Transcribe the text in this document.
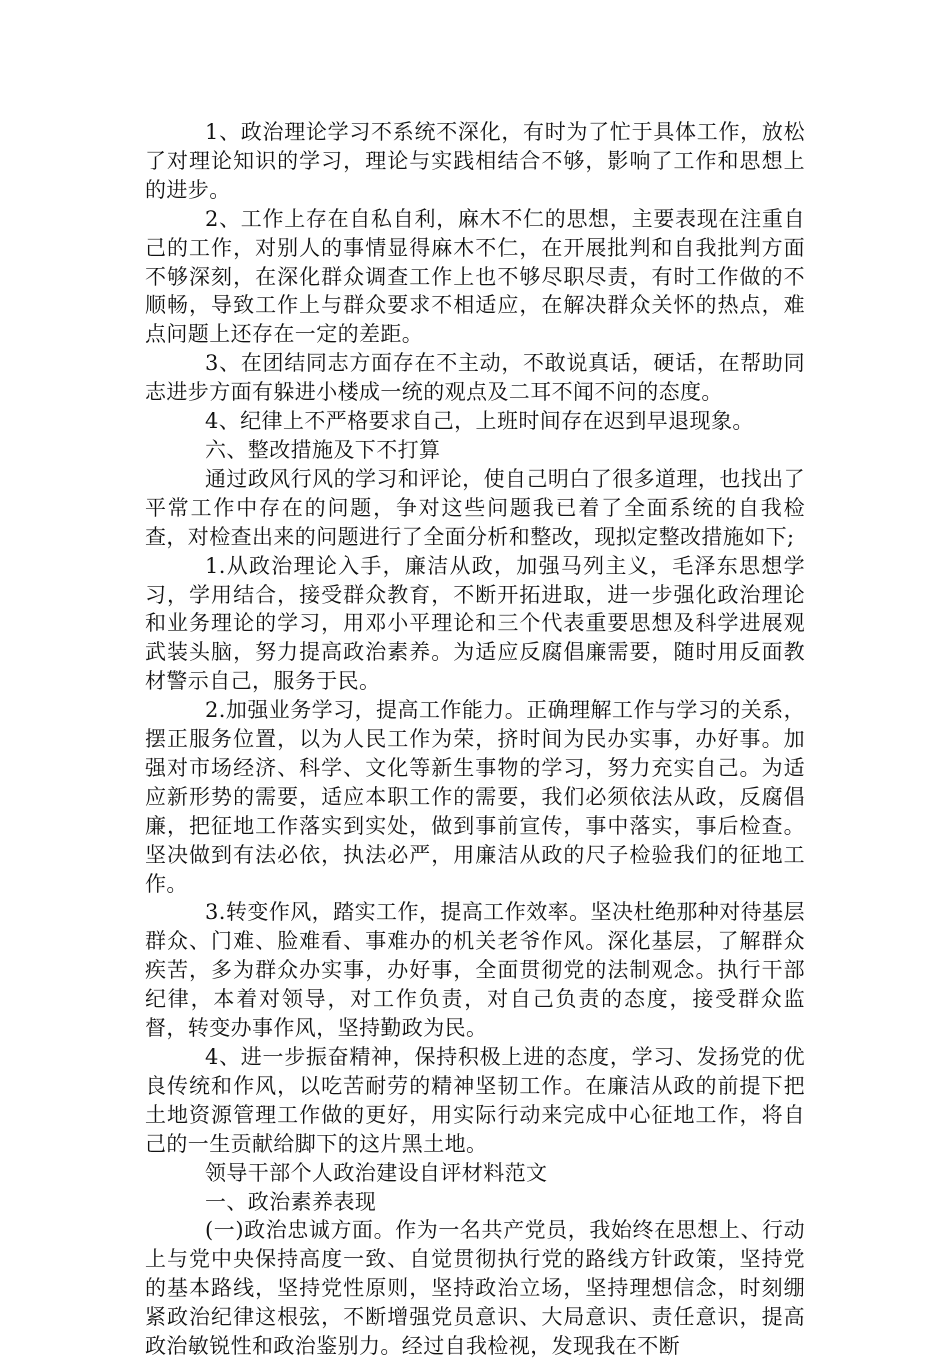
1、政治理论学习不系统不深化，有时为了忙于具体工作，放松了对理论知识的学习，理论与实践相结合不够，影响了工作和思想上的进步。

2、工作上存在自私自利，麻木不仁的思想，主要表现在注重自己的工作，对别人的事情显得麻木不仁，在开展批判和自我批判方面不够深刻，在深化群众调查工作上也不够尽职尽责，有时工作做的不顺畅，导致工作上与群众要求不相适应，在解决群众关怀的热点，难点问题上还存在一定的差距。

3、在团结同志方面存在不主动，不敢说真话，硬话，在帮助同志进步方面有躲进小楼成一统的观点及二耳不闻不问的态度。

4、纪律上不严格要求自己，上班时间存在迟到早退现象。

六、整改措施及下不打算

通过政风行风的学习和评论，使自己明白了很多道理，也找出了平常工作中存在的问题，争对这些问题我已着了全面系统的自我检查，对检查出来的问题进行了全面分析和整改，现拟定整改措施如下;

1.从政治理论入手，廉洁从政，加强马列主义，毛泽东思想学习，学用结合，接受群众教育，不断开拓进取，进一步强化政治理论和业务理论的学习，用邓小平理论和三个代表重要思想及科学进展观武装头脑，努力提高政治素养。为适应反腐倡廉需要，随时用反面教材警示自己，服务于民。

2.加强业务学习，提高工作能力。正确理解工作与学习的关系，摆正服务位置，以为人民工作为荣，挤时间为民办实事，办好事。加强对市场经济、科学、文化等新生事物的学习，努力充实自己。为适应新形势的需要，适应本职工作的需要，我们必须依法从政，反腐倡廉，把征地工作落实到实处，做到事前宣传，事中落实，事后检查。坚决做到有法必依，执法必严，用廉洁从政的尺子检验我们的征地工作。

3.转变作风，踏实工作，提高工作效率。坚决杜绝那种对待基层群众、门难、脸难看、事难办的机关老爷作风。深化基层，了解群众疾苦，多为群众办实事，办好事，全面贯彻党的法制观念。执行干部纪律，本着对领导，对工作负责，对自己负责的态度，接受群众监督，转变办事作风，坚持勤政为民。

4、进一步振奋精神，保持积极上进的态度，学习、发扬党的优良传统和作风，以吃苦耐劳的精神坚韧工作。在廉洁从政的前提下把土地资源管理工作做的更好，用实际行动来完成中心征地工作，将自己的一生贡献给脚下的这片黑土地。

领导干部个人政治建设自评材料范文

一、政治素养表现

(一)政治忠诚方面。作为一名共产党员，我始终在思想上、行动上与党中央保持高度一致、自觉贯彻执行党的路线方针政策，坚持党的基本路线，坚持党性原则，坚持政治立场，坚持理想信念，时刻绷紧政治纪律这根弦，不断增强党员意识、大局意识、责任意识，提高政治敏锐性和政治鉴别力。经过自我检视，发现我在不断
